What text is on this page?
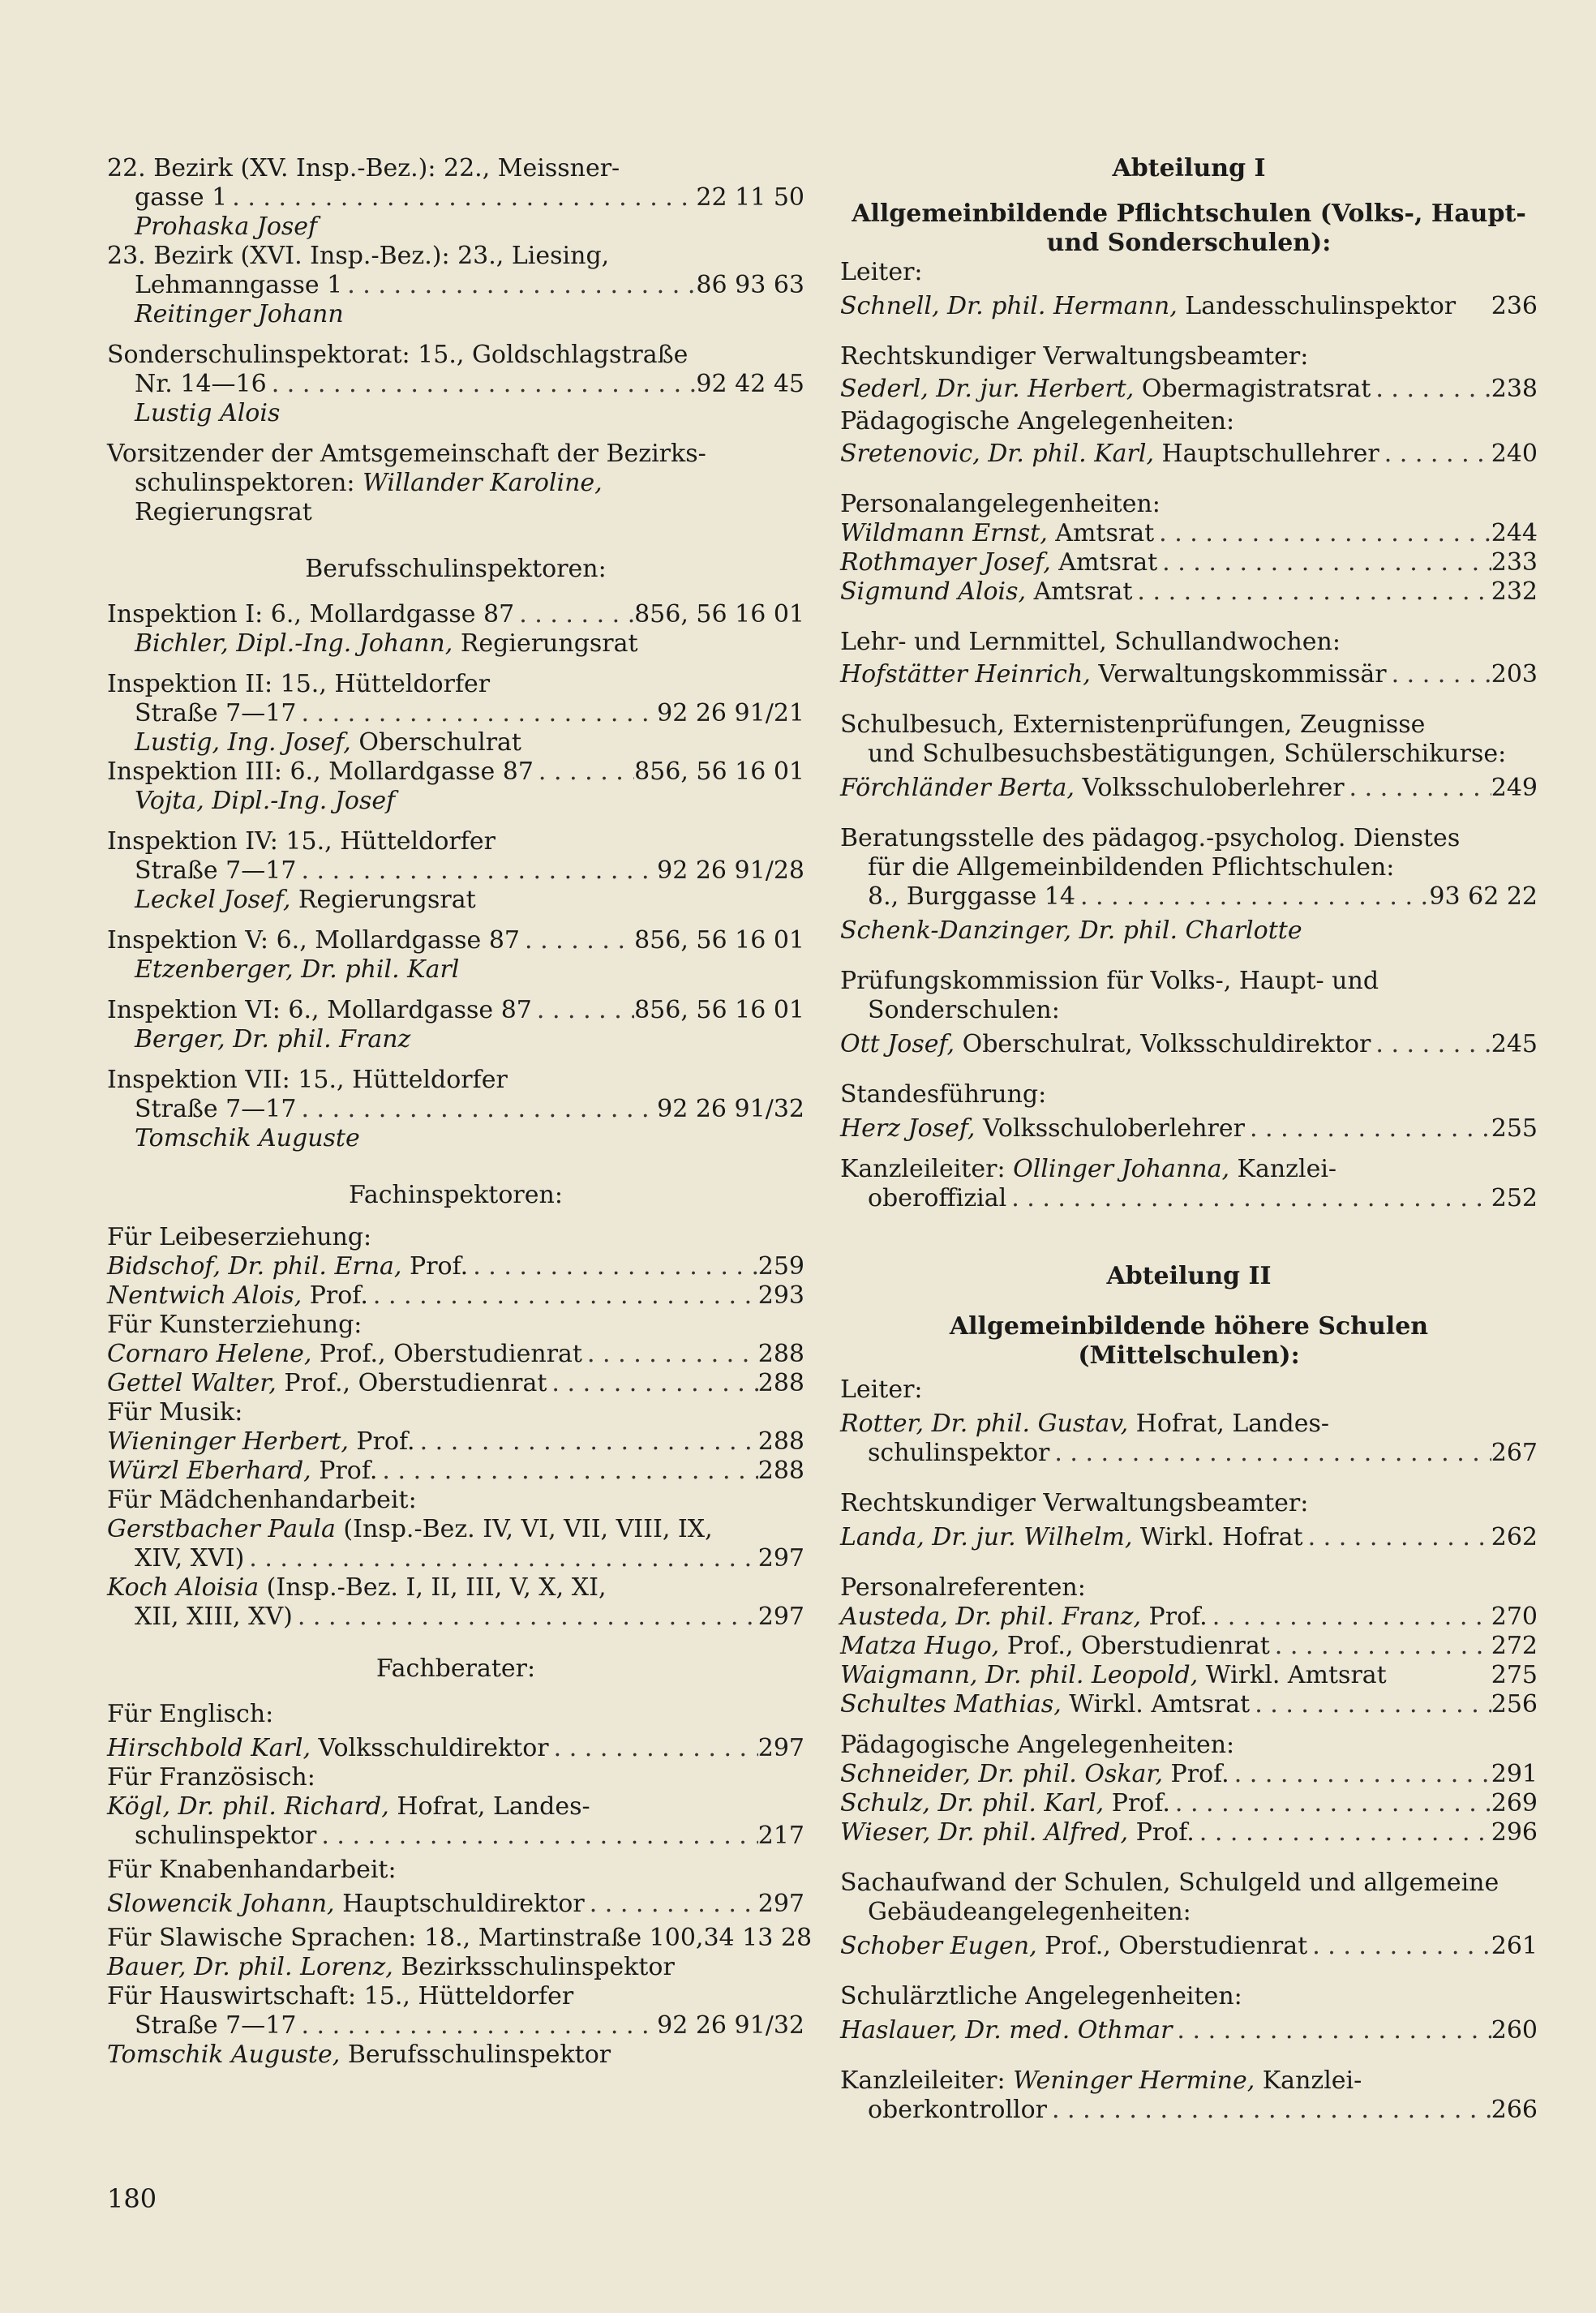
22. Bezirk (XV. Insp.-Bez.): 22., Meissner-

gasse 1 . . .	22 11 50

Prohaska Josef

23. Bezirk (XVI. Insp.-Bez.): 23., Liesing,

Lehmanngasse 1 . . .	86 93 63

Reitinger Johann

Sonderschulinspektorat: 15., Goldschlagstraße

Nr. 14—16 . . .	92 42 45

Lustig Alois

Vorsitzender der Amtsgemeinschaft der Bezirks-

schulinspektoren: Willander Karoline,

Regierungsrat

Berufsschulinspektoren:

Inspektion I: 6., Mollardgasse 87 . . .	856, 56 16 01

Bichler, Dipl.-Ing. Johann, Regierungsrat

Inspektion II: 15., Hütteldorfer

Straße 7—17 . . .	92 26 91/21

Lustig, Ing. Josef, Oberschulrat

Inspektion III: 6., Mollardgasse 87 . . .	856, 56 16 01

Vojta, Dipl.-Ing. Josef

Inspektion IV: 15., Hütteldorfer

Straße 7—17 . . .	92 26 91/28

Leckel Josef, Regierungsrat

Inspektion V: 6., Mollardgasse 87 . . .	856, 56 16 01

Etzenberger, Dr. phil. Karl

Inspektion VI: 6., Mollardgasse 87 . . .	856, 56 16 01

Berger, Dr. phil. Franz

Inspektion VII: 15., Hütteldorfer

Straße 7—17 . . .	92 26 91/32

Tomschik Auguste

Fachinspektoren:

Für Leibeserziehung:

Bidschof, Dr. phil. Erna, Prof. . . .	259
Nentwich Alois, Prof. . . .	293

Für Kunsterziehung:

Cornaro Helene, Prof., Oberstudienrat . . .	288
Gettel Walter, Prof., Oberstudienrat . . .	288

Für Musik:

Wieninger Herbert, Prof. . . .	288
Würzl Eberhard, Prof. . . .	288

Für Mädchenhandarbeit:

Gerstbacher Paula (Insp.-Bez. IV, VI, VII, VIII, IX,

XIV, XVI) . . .	297

Koch Aloisia (Insp.-Bez. I, II, III, V, X, XI,

XII, XIII, XV) . . .	297

Fachberater:

Für Englisch:

Hirschbold Karl, Volksschuldirektor . . .	297

Für Französisch:

Kögl, Dr. phil. Richard, Hofrat, Landes-

schulinspektor . . .	217

Für Knabenhandarbeit:

Slowencik Johann, Hauptschuldirektor . . .	297
Für Slawische Sprachen: 18., Martinstraße 100, 34 13 28

Bauer, Dr. phil. Lorenz, Bezirksschulinspektor

Für Hauswirtschaft: 15., Hütteldorfer

Straße 7—17 . . .	92 26 91/32

Tomschik Auguste, Berufsschulinspektor

Abteilung I

Allgemeinbildende Pflichtschulen (Volks-, Haupt-

und Sonderschulen):

Leiter:

Schnell, Dr. phil. Hermann, Landesschulinspektor 236

Rechtskundiger Verwaltungsbeamter:

Sederl, Dr. jur. Herbert, Obermagistratsrat . . .	238

Pädagogische Angelegenheiten:

Sretenovic, Dr. phil. Karl, Hauptschullehrer . . .	240

Personalangelegenheiten:

Wildmann Ernst, Amtsrat . . .	244
Rothmayer Josef, Amtsrat . . .	233
Sigmund Alois, Amtsrat . . .	232

Lehr- und Lernmittel, Schullandwochen:

Hofstätter Heinrich, Verwaltungskommissär . . .	203

Schulbesuch, Externistenprüfungen, Zeugnisse

und Schulbesuchsbestätigungen, Schülerschikurse:

Förchländer Berta, Volksschuloberlehrer . . .	249

Beratungsstelle des pädagog.-psycholog. Dienstes

für die Allgemeinbildenden Pflichtschulen:

8., Burggasse 14 . . .	93 62 22

Schenk-Danzinger, Dr. phil. Charlotte

Prüfungskommission für Volks-, Haupt- und

Sonderschulen:

Ott Josef, Oberschulrat, Volksschuldirektor . . .	245

Standesführung:

Herz Josef, Volksschuloberlehrer . . .	255

Kanzleileiter: Ollinger Johanna, Kanzlei-

oberoffizial . . .	252

Abteilung II

Allgemeinbildende höhere Schulen (Mittelschulen):

Leiter:

Rotter, Dr. phil. Gustav, Hofrat, Landes-

schulinspektor . . .	267

Rechtskundiger Verwaltungsbeamter:

Landa, Dr. jur. Wilhelm, Wirkl. Hofrat . . .	262

Personalreferenten:

Austeda, Dr. phil. Franz, Prof. . . .	270
Matza Hugo, Prof., Oberstudienrat . . .	272
Waigmann, Dr. phil. Leopold, Wirkl. Amtsrat	275
Schultes Mathias, Wirkl. Amtsrat . . .	256

Pädagogische Angelegenheiten:

Schneider, Dr. phil. Oskar, Prof. . . .	291
Schulz, Dr. phil. Karl, Prof. . . .	269
Wieser, Dr. phil. Alfred, Prof. . . .	296

Sachaufwand der Schulen, Schulgeld und allgemeine

Gebäudeangelegenheiten:

Schober Eugen, Prof., Oberstudienrat . . .	261

Schulärztliche Angelegenheiten:

Haslauer, Dr. med. Othmar . . .	260

Kanzleileiter: Weninger Hermine, Kanzlei-

oberkontrollor . . .	266
180
